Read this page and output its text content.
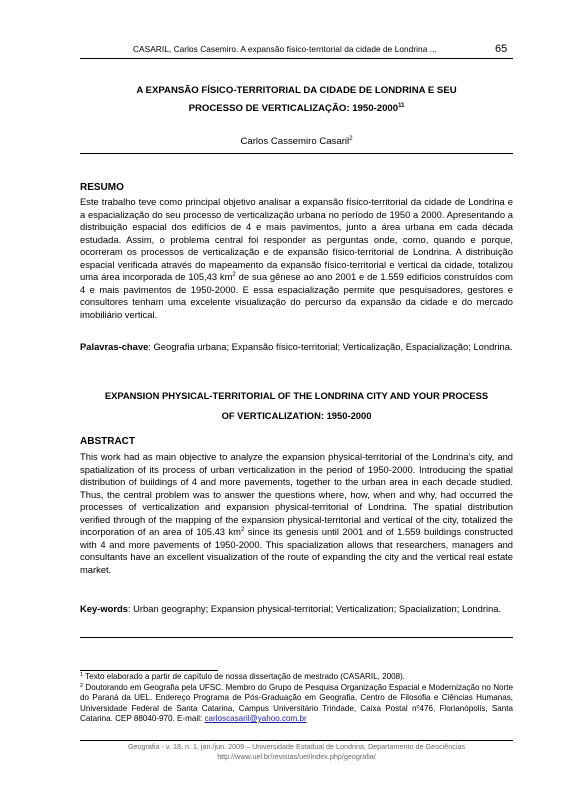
CASARIL, Carlos Casemiro. A expansão físico-territorial da cidade de Londrina ...	65
A EXPANSÃO FÍSICO-TERRITORIAL DA CIDADE DE LONDRINA E SEU
PROCESSO DE VERTICALIZAÇÃO: 1950-2000$^{11}$
Carlos Cassemiro Casaril$^2$
RESUMO
Este trabalho teve como principal objetivo analisar a expansão físico-territorial da cidade de Londrina e a espacialização do seu processo de verticalização urbana no período de 1950 a 2000. Apresentando a distribuição espacial dos edifícios de 4 e mais pavimentos, junto a área urbana em cada década estudada. Assim, o problema central foi responder as perguntas onde, como, quando e porque, ocorreram os processos de verticalização e de expansão físico-territorial de Londrina. A distribuição espacial verificada através do mapeamento da expansão físico-territorial e vertical da cidade, totalizou uma área incorporada de 105,43 $km^2$ de sua gênese ao ano 2001 e de 1.559 edifícios construídos com 4 e mais pavimentos de 1950-2000. E essa espacialização permite que pesquisadores, gestores e consultores tenham uma excelente visualização do percurso da expansão da cidade e do mercado imobiliário vertical.
Palavras-chave: Geografia urbana; Expansão físico-territorial; Verticalização, Espacialização; Londrina.
EXPANSION PHYSICAL-TERRITORIAL OF THE LONDRINA CITY AND YOUR PROCESS
OF VERTICALIZATION: 1950-2000
ABSTRACT
This work had as main objective to analyze the expansion physical-territorial of the Londrina's city, and spatialization of its process of urban verticalization in the period of 1950-2000. Introducing the spatial distribution of buildings of 4 and more pavements, together to the urban area in each decade studied. Thus, the central problem was to answer the questions where, how, when and why, had occurred the processes of verticalization and expansion physical-territorial of Londrina. The spatial distribution verified through of the mapping of the expansion physical-territorial and vertical of the city, totalized the incorporation of an area of 105.43 $km^2$ since its genesis until 2001 and of 1.559 buildings constructed with 4 and more pavements of 1950-2000. This spacialization allows that researchers, managers and consultants have an excellent visualization of the route of expanding the city and the vertical real estate market.
Key-words: Urban geography; Expansion physical-territorial; Verticalization; Spacialization; Londrina.

$^1$ Texto elaborado a partir de capítulo de nossa dissertação de mestrado (CASARIL, 2008).

$^2$ Doutorando em Geografia pela UFSC. Membro do Grupo de Pesquisa Organização Espacial e Modernização no Norte do Paraná da UEL. Endereço Programa de Pós-Graduação em Geografia, Centro de Filosofia e Ciências Humanas, Universidade Federal de Santa Catarina, Campus Universitário Trindade, Caixa Postal $n^o476$, Florianópolis, Santa Catarina. CEP 88040-970. E-mail: carloscasaril@yahoo.com.br

Geografia - v. 18, n. 1, jan./jun. 2009 – Universidade Estadual de Londrina, Departamento de Geociências
http://www.uel.br/revistas/uel/index.php/geografia/
